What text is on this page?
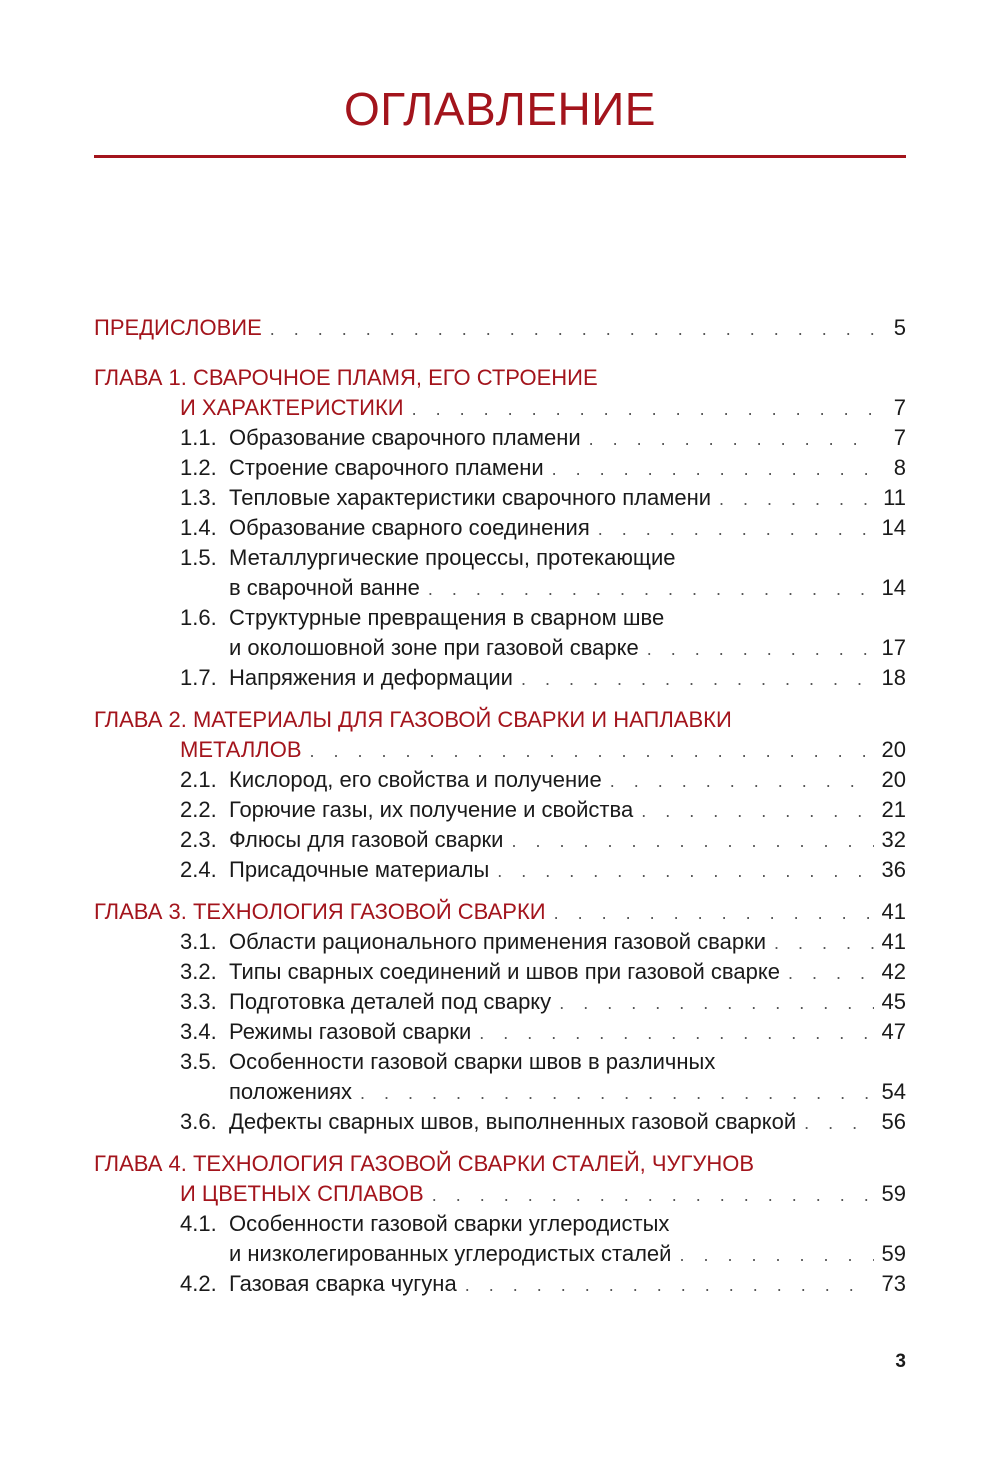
ОГЛАВЛЕНИЕ
ПРЕДИСЛОВИЕ . . .	5
ГЛАВА 1. СВАРОЧНОЕ ПЛАМЯ, ЕГО СТРОЕНИЕ
И ХАРАКТЕРИСТИКИ . . .	7
1.1. Образование сварочного пламени . . .	7
1.2. Строение сварочного пламени . . .	8
1.3. Тепловые характеристики сварочного пламени . . .	11
1.4. Образование сварного соединения . . .	14
1.5. Металлургические процессы, протекающие
в сварочной ванне . . .	14
1.6. Структурные превращения в сварном шве
и околошовной зоне при газовой сварке . . .	17
1.7. Напряжения и деформации . . .	18
ГЛАВА 2. МАТЕРИАЛЫ ДЛЯ ГАЗОВОЙ СВАРКИ И НАПЛАВКИ
МЕТАЛЛОВ . . .	20
2.1. Кислород, его свойства и получение . . .	20
2.2. Горючие газы, их получение и свойства . . .	21
2.3. Флюсы для газовой сварки . . .	32
2.4. Присадочные материалы . . .	36
ГЛАВА 3. ТЕХНОЛОГИЯ ГАЗОВОЙ СВАРКИ . . .	41
3.1. Области рационального применения газовой сварки . . .	41
3.2. Типы сварных соединений и швов при газовой сварке . . .	42
3.3. Подготовка деталей под сварку . . .	45
3.4. Режимы газовой сварки . . .	47
3.5. Особенности газовой сварки швов в различных
положениях . . .	54
3.6. Дефекты сварных швов, выполненных газовой сваркой . . .	56
ГЛАВА 4. ТЕХНОЛОГИЯ ГАЗОВОЙ СВАРКИ СТАЛЕЙ, ЧУГУНОВ
И ЦВЕТНЫХ СПЛАВОВ . . .	59
4.1. Особенности газовой сварки углеродистых
и низколегированных углеродистых сталей . . .	59
4.2. Газовая сварка чугуна . . .	73
3
